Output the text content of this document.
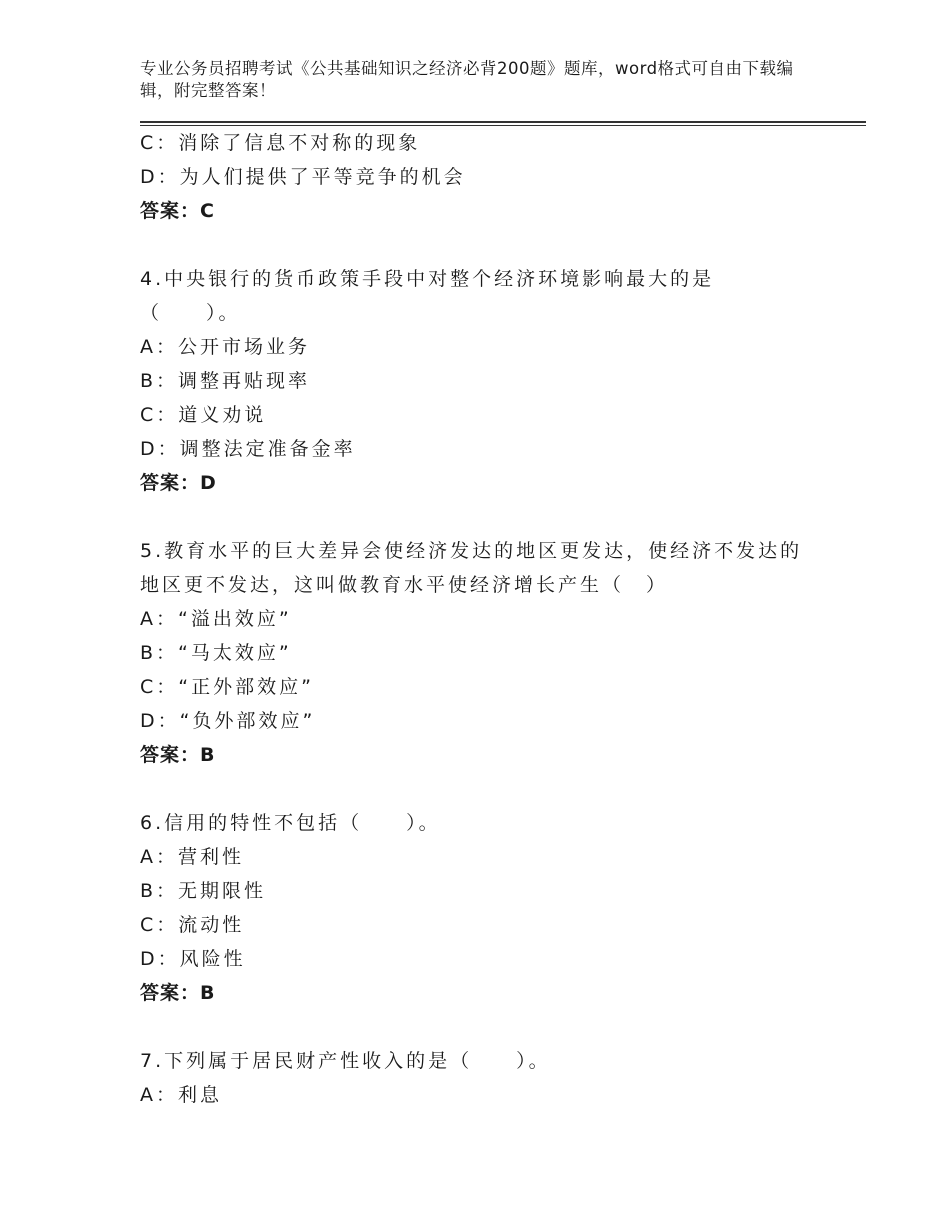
专业公务员招聘考试《公共基础知识之经济必背200题》题库，word格式可自由下载编辑，附完整答案！
C：消除了信息不对称的现象
D：为人们提供了平等竞争的机会
答案：C
4.中央银行的货币政策手段中对整个经济环境影响最大的是
（　　）。
A：公开市场业务
B：调整再贴现率
C：道义劝说
D：调整法定准备金率
答案：D
5.教育水平的巨大差异会使经济发达的地区更发达，使经济不发达的
地区更不发达，这叫做教育水平使经济增长产生（　）
A：“溢出效应”
B：“马太效应”
C：“正外部效应”
D：“负外部效应”
答案：B
6.信用的特性不包括（　　）。
A：营利性
B：无期限性
C：流动性
D：风险性
答案：B
7.下列属于居民财产性收入的是（　　）。
A：利息
